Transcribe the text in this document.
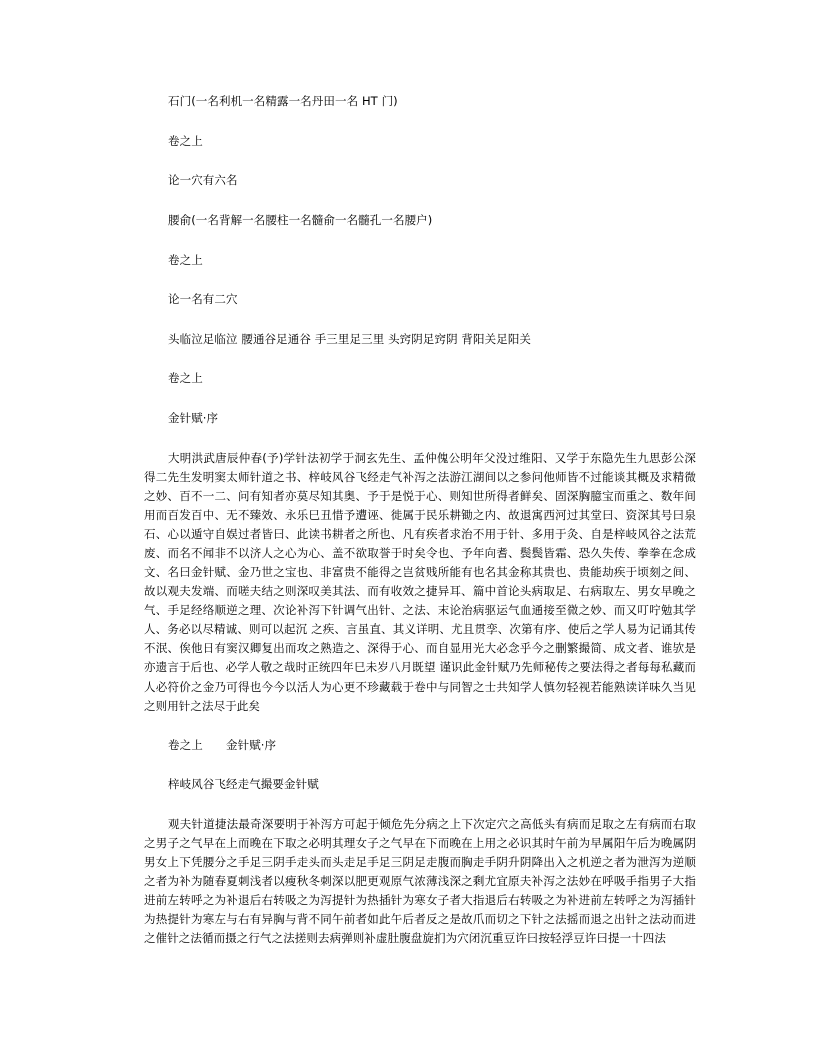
石门(一名利机一名精露一名丹田一名 HT 门)

卷之上

论一穴有六名

腰俞(一名背解一名腰柱一名髓俞一名髓孔一名腰户)

卷之上

论一名有二穴

头临泣足临泣 腰通谷足通谷 手三里足三里 头窍阴足窍阴 背阳关足阳关

卷之上

金针赋·序

大明洪武唐辰仲春(予)学针法初学于洞玄先生、孟仲傀公明年父没过维阳、又学于东隐先生九思彭公深得二先生发明窦太师针道之书、梓岐风谷飞经走气补泻之法游江湖间以之参问他师皆不过能谈其概及求精微之妙、百不一二、问有知者亦莫尽知其奥、予于是悦于心、则知世所得者鲜矣、固深胸臆宝而重之、数年间用而百发百中、无不臻效、永乐巳丑惜予遭诬、徙属于民乐耕锄之内、故退寓西河过其堂曰、资深其号曰泉石、心以遁守自娱过者皆曰、此读书耕者之所也、凡有疾者求治不用于针、多用于灸、自是梓岐风谷之法荒废、而名不闻非不以济人之心为心、盖不欲取誉于时矣令也、予年向耆、鬓鬓皆霜、恐久失传、拳拳在念成文、名曰金针赋、金乃世之宝也、非富贵不能得之岂贫贱所能有也名其金称其贵也、贵能劫疾于顷刻之间、故以观夫发端、而嗟夫结之则深叹美其法、而有收效之捷异耳、篇中首论头病取足、右病取左、男女早晚之气、手足经络顺逆之理、次论补泻下针调气出针、之法、末论治病驱运气血通接至微之妙、而又叮咛勉其学人、务必以尽精诚、则可以起沉 之疾、言虽直、其义详明、尤且贯孪、次第有序、使后之学人易为记诵其传不泯、俟他日有窦汉卿复出而攻之熟造之、深得于心、而自显用光大必念乎今之删繁撮简、成文者、谁欤是亦遗言于后也、必学人敬之哉时正统四年巳未岁八月既望 谨识此金针赋乃先师秘传之要法得之者每每私藏而人必符价之金乃可得也今今以活人为心更不珍藏载于卷中与同智之士共知学人慎勿轻视若能熟读详味久当见之则用针之法尽于此矣

卷之上　　金针赋·序

梓岐风谷飞经走气撮要金针赋

观夫针道捷法最奇深要明于补泻方可起于倾危先分病之上下次定穴之高低头有病而足取之左有病而右取之男子之气早在上而晚在下取之必明其理女子之气早在下而晚在上用之必识其时午前为早属阳午后为晚属阴男女上下凭腰分之手足三阴手走头而头走足手足三阴足走腹而胸走手阴升阴降出入之机逆之者为泄泻为逆顺之者为补为随春夏刺浅者以瘦秋冬刺深以肥更观原气浓薄浅深之剩尤宜原夫补泻之法妙在呼吸手指男子大指进前左转呼之为补退后右转吸之为泻提针为热插针为寒女子者大指退后右转吸之为补进前左转呼之为泻插针为热提针为寒左与右有异胸与背不同午前者如此午后者反之是故爪而切之下针之法摇而退之出针之法动而进之催针之法循而摄之行气之法搓则去病弹则补虚肚腹盘旋扪为穴闭沉重豆许曰按轻浮豆许曰提一十四法
